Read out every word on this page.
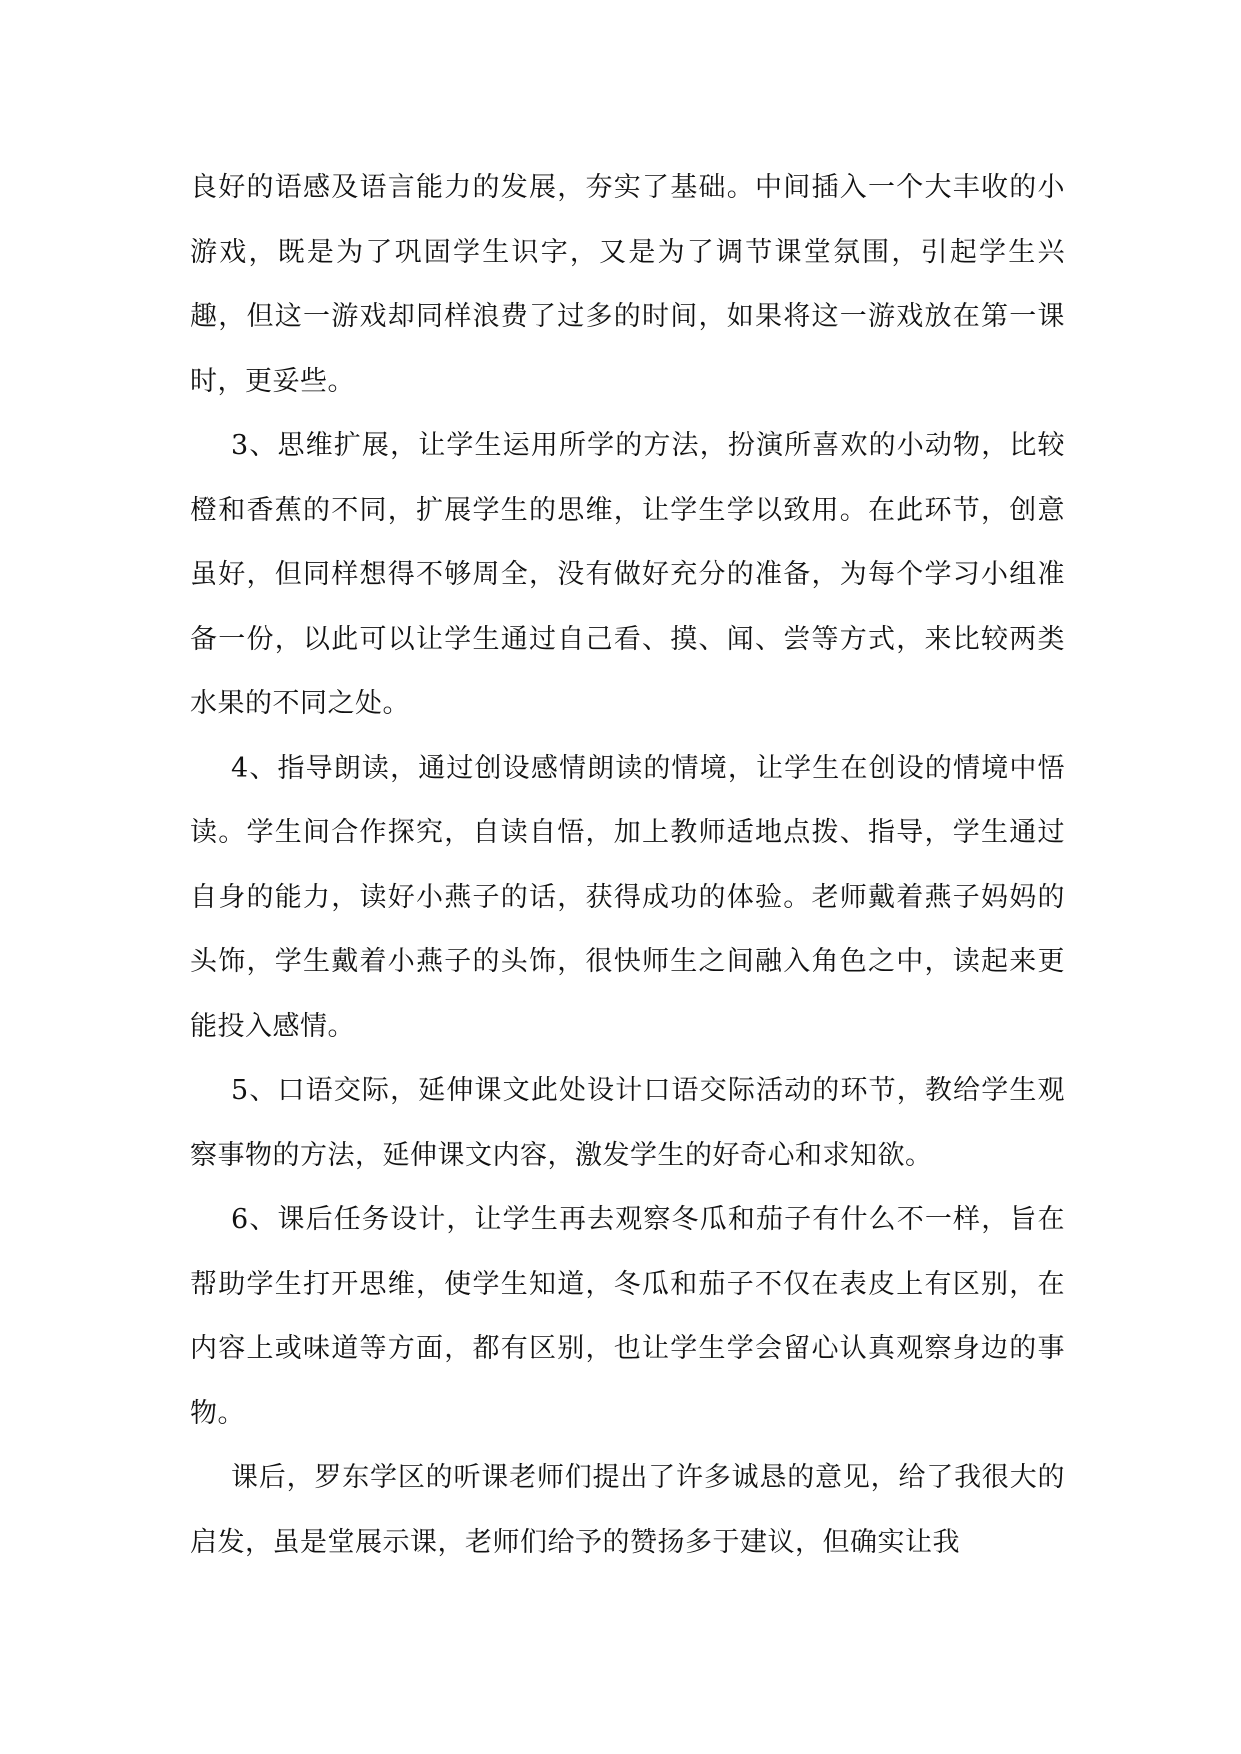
良好的语感及语言能力的发展，夯实了基础。中间插入一个大丰收的小游戏，既是为了巩固学生识字，又是为了调节课堂氛围，引起学生兴趣，但这一游戏却同样浪费了过多的时间，如果将这一游戏放在第一课时，更妥些。

3、思维扩展，让学生运用所学的方法，扮演所喜欢的小动物，比较橙和香蕉的不同，扩展学生的思维，让学生学以致用。在此环节，创意虽好，但同样想得不够周全，没有做好充分的准备，为每个学习小组准备一份，以此可以让学生通过自己看、摸、闻、尝等方式，来比较两类水果的不同之处。

4、指导朗读，通过创设感情朗读的情境，让学生在创设的情境中悟读。学生间合作探究，自读自悟，加上教师适地点拨、指导，学生通过自身的能力，读好小燕子的话，获得成功的体验。老师戴着燕子妈妈的头饰，学生戴着小燕子的头饰，很快师生之间融入角色之中，读起来更能投入感情。

5、口语交际，延伸课文此处设计口语交际活动的环节，教给学生观察事物的方法，延伸课文内容，激发学生的好奇心和求知欲。

6、课后任务设计，让学生再去观察冬瓜和茄子有什么不一样，旨在帮助学生打开思维，使学生知道，冬瓜和茄子不仅在表皮上有区别，在内容上或味道等方面，都有区别，也让学生学会留心认真观察身边的事物。

课后，罗东学区的听课老师们提出了许多诚恳的意见，给了我很大的启发，虽是堂展示课，老师们给予的赞扬多于建议，但确实让我
